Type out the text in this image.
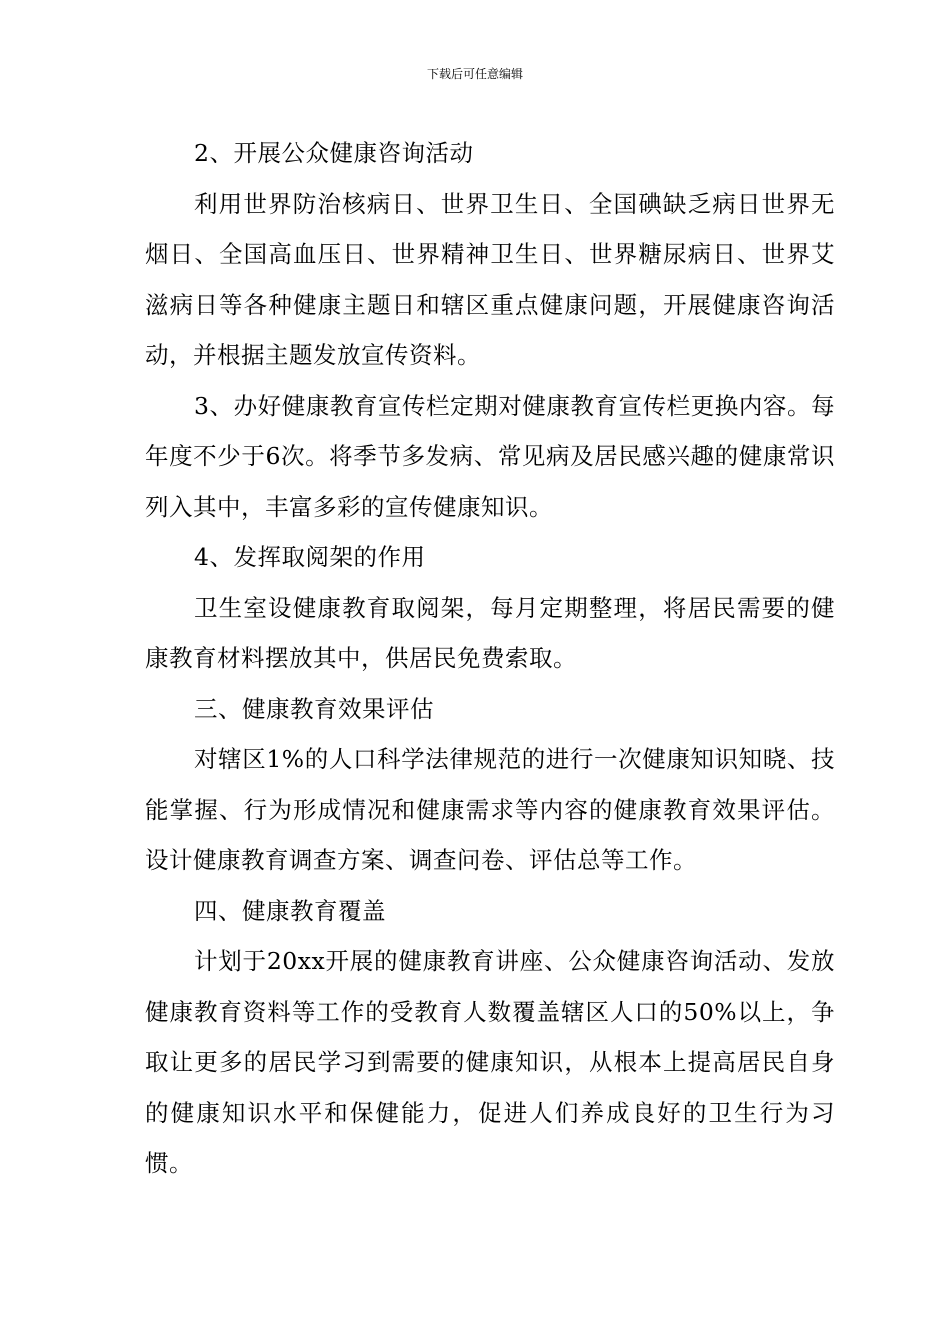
下载后可任意编辑

2、开展公众健康咨询活动

利用世界防治核病日、世界卫生日、全国碘缺乏病日世界无烟日、全国高血压日、世界精神卫生日、世界糖尿病日、世界艾滋病日等各种健康主题日和辖区重点健康问题，开展健康咨询活动，并根据主题发放宣传资料。

3、办好健康教育宣传栏定期对健康教育宣传栏更换内容。每年度不少于6次。将季节多发病、常见病及居民感兴趣的健康常识列入其中，丰富多彩的宣传健康知识。

4、发挥取阅架的作用

卫生室设健康教育取阅架，每月定期整理，将居民需要的健康教育材料摆放其中，供居民免费索取。

三、健康教育效果评估

对辖区1%的人口科学法律规范的进行一次健康知识知晓、技能掌握、行为形成情况和健康需求等内容的健康教育效果评估。设计健康教育调查方案、调查问卷、评估总等工作。

四、健康教育覆盖

计划于20xx开展的健康教育讲座、公众健康咨询活动、发放健康教育资料等工作的受教育人数覆盖辖区人口的50%以上，争取让更多的居民学习到需要的健康知识，从根本上提高居民自身的健康知识水平和保健能力，促进人们养成良好的卫生行为习惯。
